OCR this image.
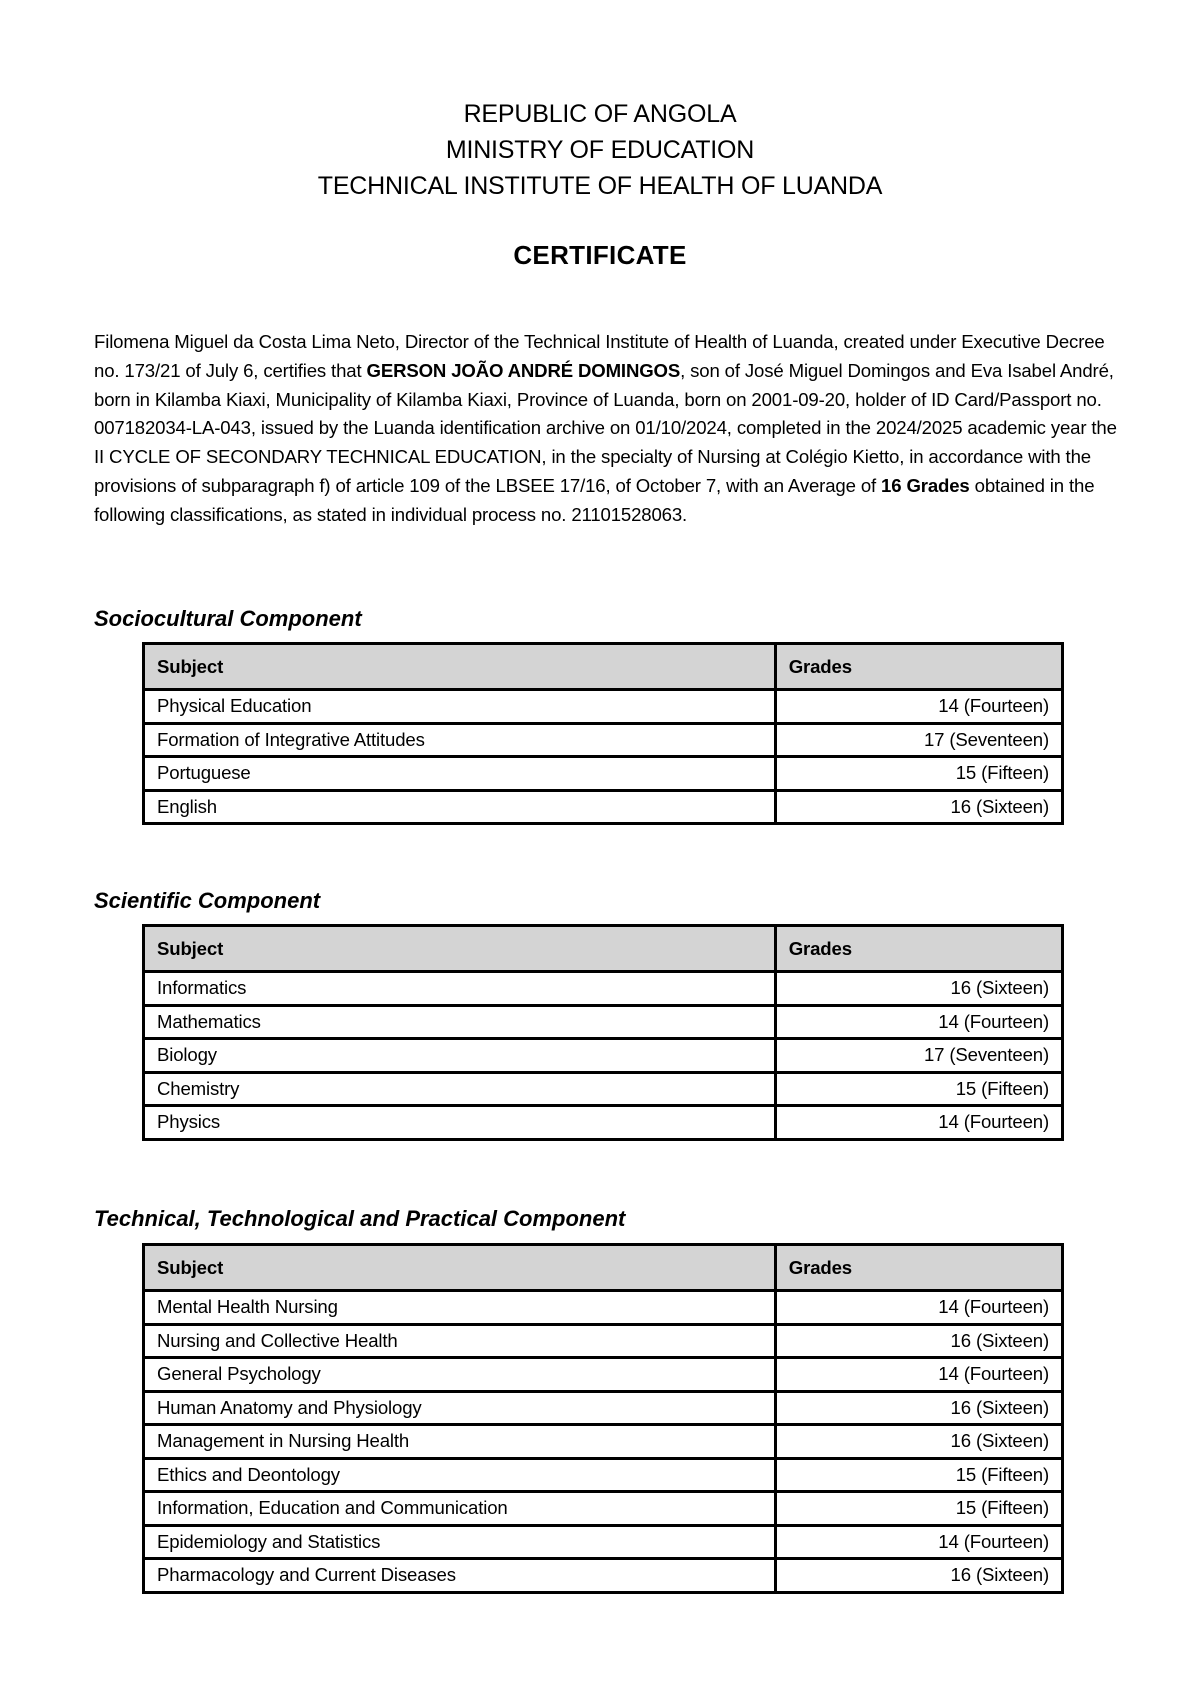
REPUBLIC OF ANGOLA
MINISTRY OF EDUCATION
TECHNICAL INSTITUTE OF HEALTH OF LUANDA
CERTIFICATE
Filomena Miguel da Costa Lima Neto, Director of the Technical Institute of Health of Luanda, created under Executive Decree no. 173/21 of July 6, certifies that GERSON JOÃO ANDRÉ DOMINGOS, son of José Miguel Domingos and Eva Isabel André, born in Kilamba Kiaxi, Municipality of Kilamba Kiaxi, Province of Luanda, born on 2001-09-20, holder of ID Card/Passport no. 007182034-LA-043, issued by the Luanda identification archive on 01/10/2024, completed in the 2024/2025 academic year the II CYCLE OF SECONDARY TECHNICAL EDUCATION, in the specialty of Nursing at Colégio Kietto, in accordance with the provisions of subparagraph f) of article 109 of the LBSEE 17/16, of October 7, with an Average of 16 Grades obtained in the following classifications, as stated in individual process no. 21101528063.
Sociocultural Component
Subject	Grades
Physical Education	14 (Fourteen)
Formation of Integrative Attitudes	17 (Seventeen)
Portuguese	15 (Fifteen)
English	16 (Sixteen)
Scientific Component
Subject	Grades
Informatics	16 (Sixteen)
Mathematics	14 (Fourteen)
Biology	17 (Seventeen)
Chemistry	15 (Fifteen)
Physics	14 (Fourteen)
Technical, Technological and Practical Component
Subject	Grades
Mental Health Nursing	14 (Fourteen)
Nursing and Collective Health	16 (Sixteen)
General Psychology	14 (Fourteen)
Human Anatomy and Physiology	16 (Sixteen)
Management in Nursing Health	16 (Sixteen)
Ethics and Deontology	15 (Fifteen)
Information, Education and Communication	15 (Fifteen)
Epidemiology and Statistics	14 (Fourteen)
Pharmacology and Current Diseases	16 (Sixteen)
